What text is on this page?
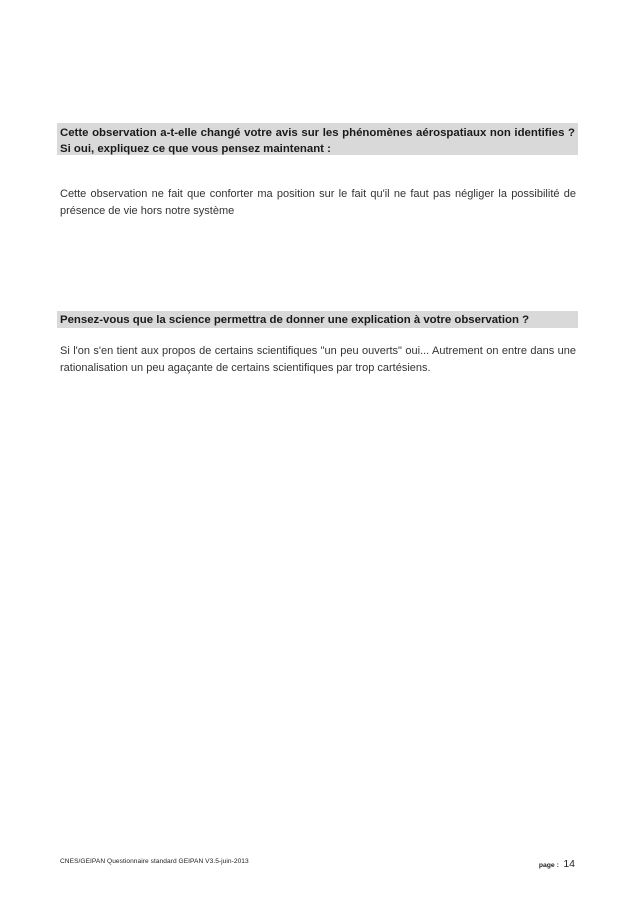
Cette observation a-t-elle changé votre avis sur les phénomènes aérospatiaux non identifies ? Si oui, expliquez ce que vous pensez maintenant :
Cette observation ne fait que conforter ma position sur le fait qu'il ne faut pas négliger la possibilité de présence de vie hors notre système
Pensez-vous que la science permettra de donner une explication à votre observation ?
Si l'on s'en tient aux propos de certains scientifiques "un peu ouverts" oui... Autrement on entre dans une rationalisation un peu agaçante de certains scientifiques par trop cartésiens.
CNES/GEIPAN Questionnaire standard GEIPAN V3.5-juin-2013
page : 14
